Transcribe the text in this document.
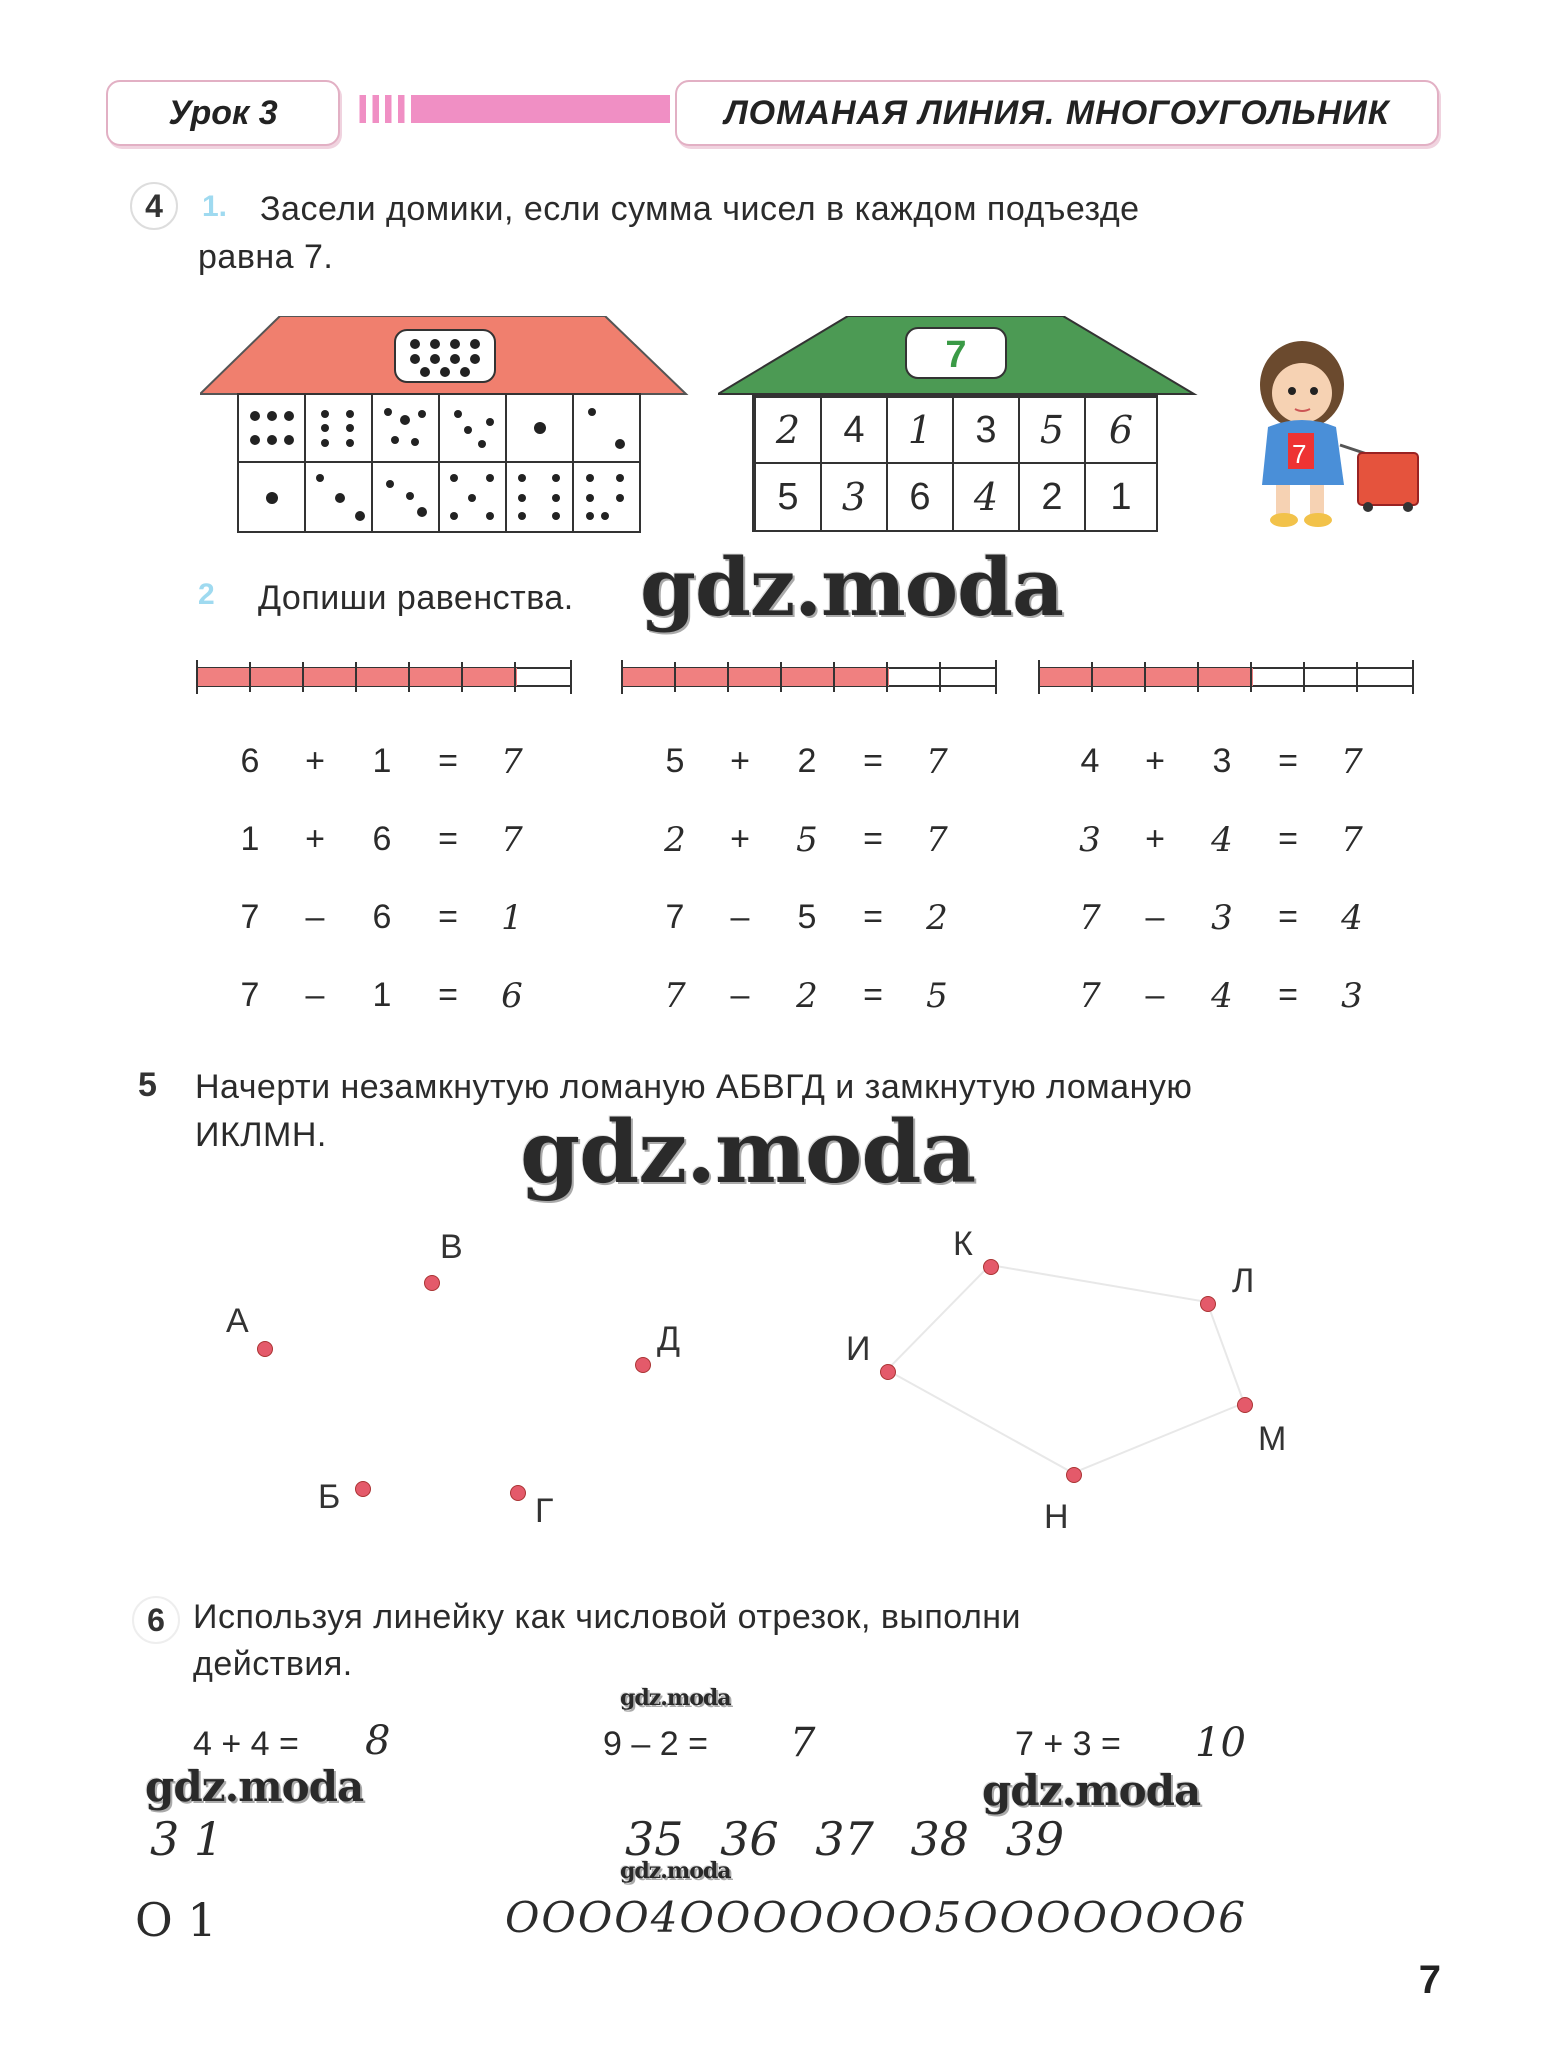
Урок 3	ЛОМАНАЯ ЛИНИЯ. МНОГОУГОЛЬНИК
4	1. Засели домики, если сумма чисел в каждом подъезде
равна 7.
7
2 4 1 3 5 6
5 3 6 4 2 1
7
2 Допиши равенства. gdz.moda
6	+	1	= 7
1	+	6	= 7
7	–	6	= 1
7	–	1	= 6
5	+	2	= 7
2 + 5 = 7
7	–	5	= 2
7	–	2 = 5
4	+	3	= 7
3 + 4 = 7
7	–	3 = 4
7	–	4 = 3
5 Начерти незамкнутую ломаную АБВГД и замкнутую ломаную
ИКЛМН. gdz.moda
А
В
Д
Б	Г
К
Л
И
М
Н
6 Используя линейку как числовой отрезок, выполни
действия.
gdz.moda
4 + 4 = 8	9 – 2 = 7	7 + 3 = 10
gdz.moda	gdz.moda
3 1	35 36 37 38 39
gdz.moda
О 1	ОООО4ООООООО5ООООООО6
7
